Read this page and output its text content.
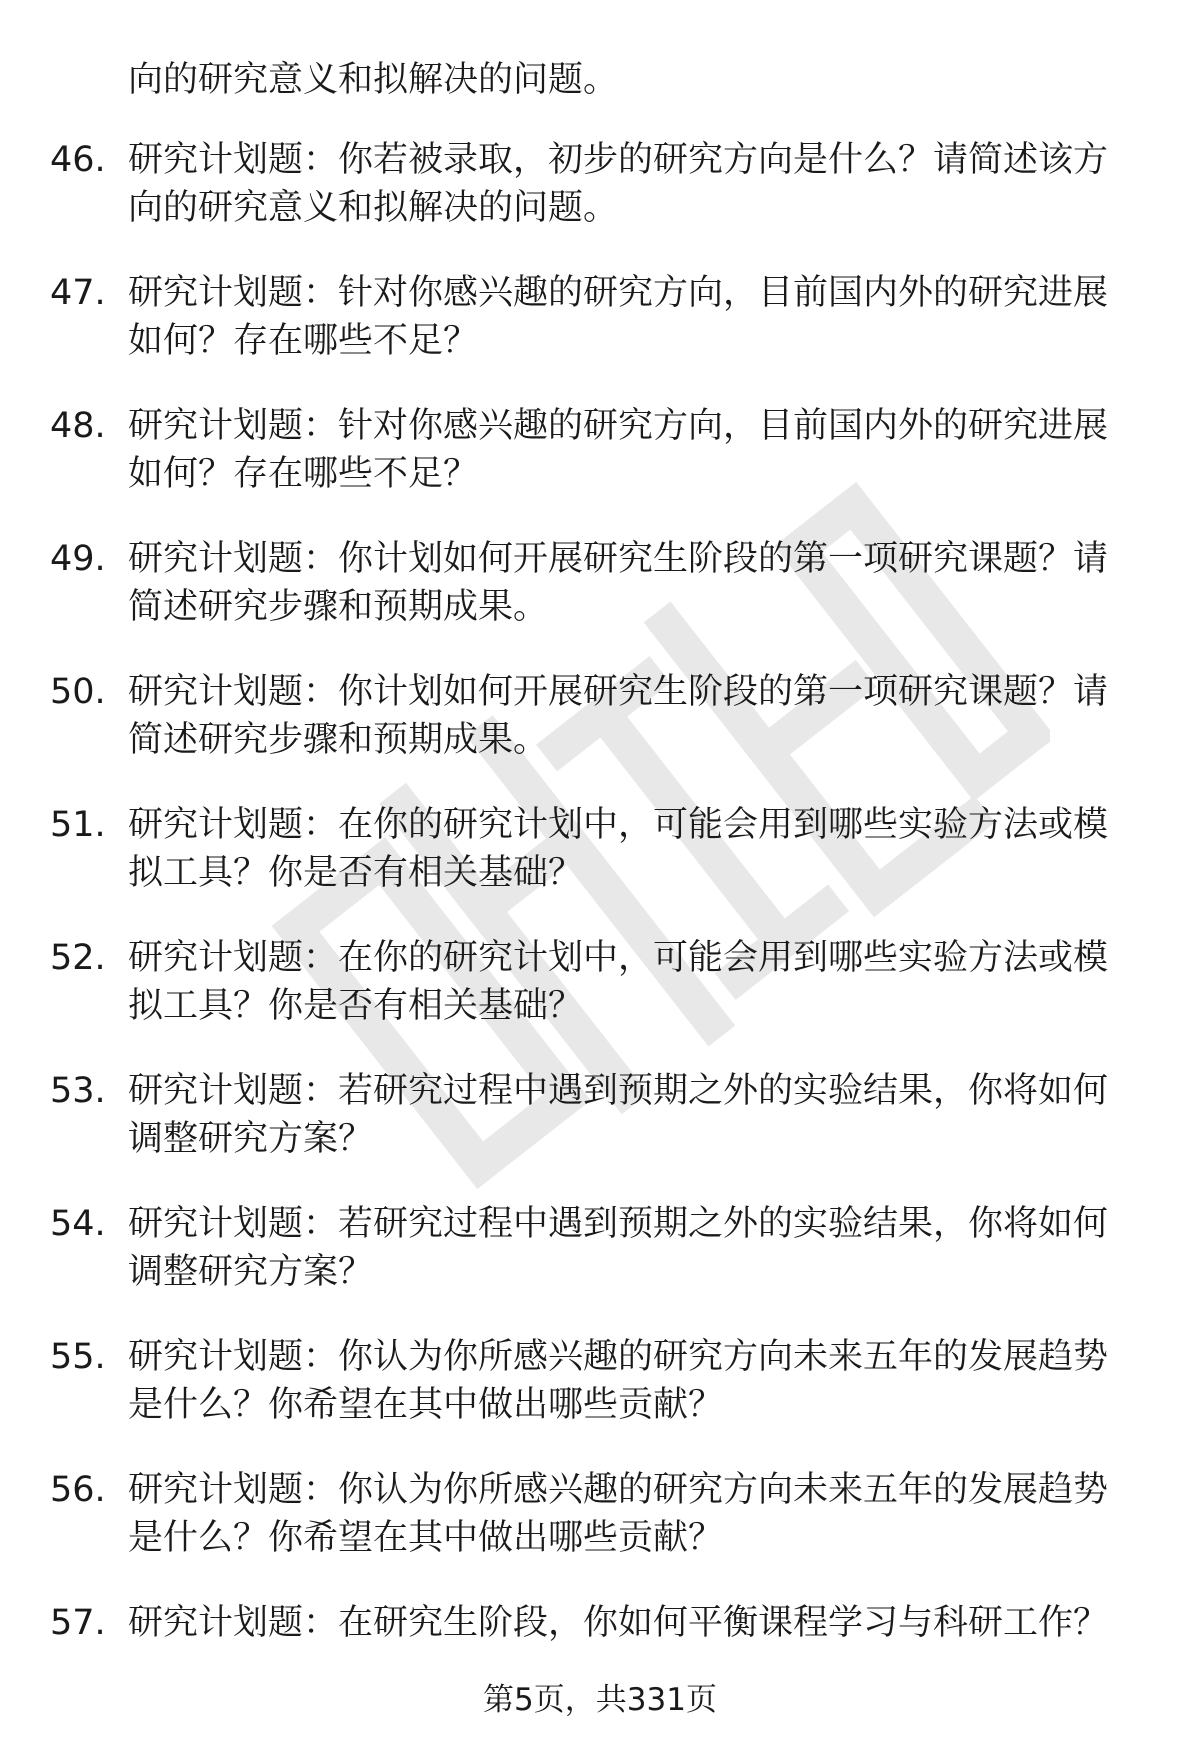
向的研究意义和拟解决的问题。
46. 研究计划题：你若被录取，初步的研究方向是什么？请简述该方
向的研究意义和拟解决的问题。
47. 研究计划题：针对你感兴趣的研究方向，目前国内外的研究进展
如何？存在哪些不足？
48. 研究计划题：针对你感兴趣的研究方向，目前国内外的研究进展
如何？存在哪些不足？
49. 研究计划题：你计划如何开展研究生阶段的第一项研究课题？请
简述研究步骤和预期成果。
50. 研究计划题：你计划如何开展研究生阶段的第一项研究课题？请
简述研究步骤和预期成果。
51. 研究计划题：在你的研究计划中，可能会用到哪些实验方法或模
拟工具？你是否有相关基础？
52. 研究计划题：在你的研究计划中，可能会用到哪些实验方法或模
拟工具？你是否有相关基础？
53. 研究计划题：若研究过程中遇到预期之外的实验结果，你将如何
调整研究方案？
54. 研究计划题：若研究过程中遇到预期之外的实验结果，你将如何
调整研究方案？
55. 研究计划题：你认为你所感兴趣的研究方向未来五年的发展趋势
是什么？你希望在其中做出哪些贡献？
56. 研究计划题：你认为你所感兴趣的研究方向未来五年的发展趋势
是什么？你希望在其中做出哪些贡献？
57. 研究计划题：在研究生阶段，你如何平衡课程学习与科研工作？
第5页，共331页
